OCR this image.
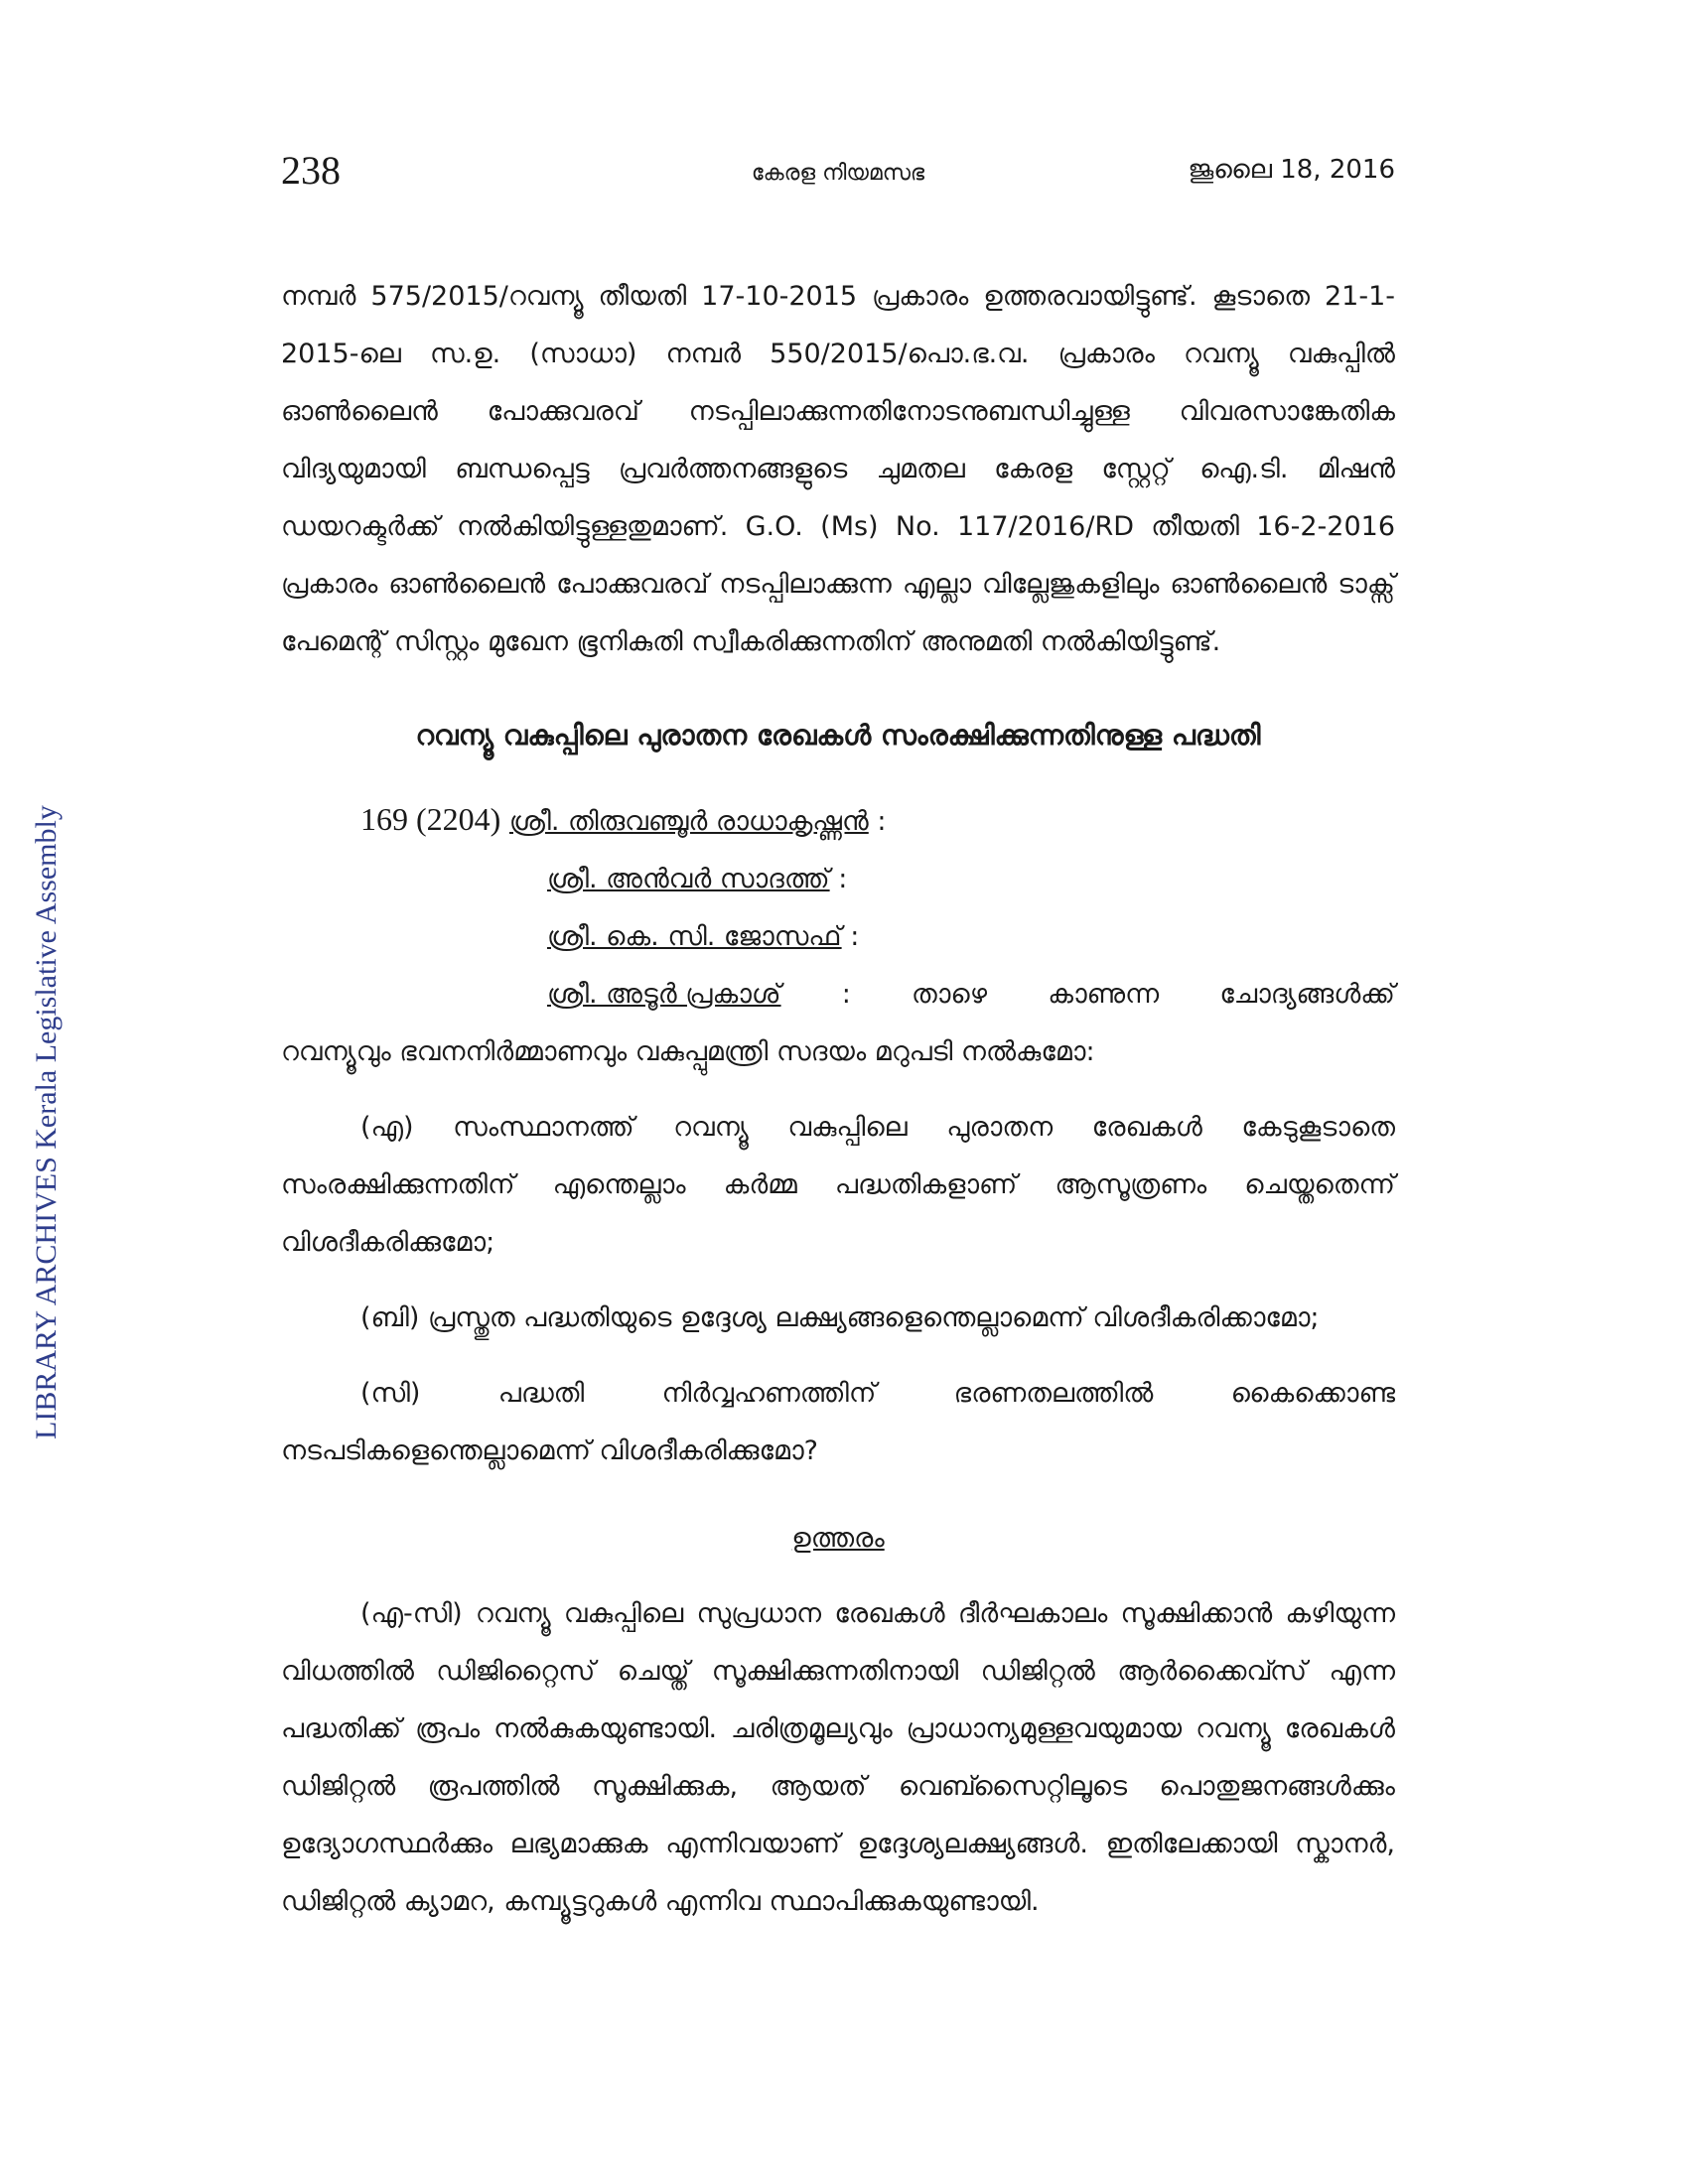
LIBRARY ARCHIVES Kerala Legislative Assembly
238	കേരള നിയമസഭ	ജൂലൈ 18, 2016

നമ്പർ 575/2015/റവന്യൂ തീയതി 17-10-2015 പ്രകാരം ഉത്തരവായിട്ടുണ്ട്. കൂടാതെ 21-1-2015-ലെ സ.ഉ. (സാധാ) നമ്പർ 550/2015/പൊ.ഭ.വ. പ്രകാരം റവന്യൂ വകുപ്പിൽ ഓൺലൈൻ പോക്കുവരവ് നടപ്പിലാക്കുന്നതിനോടനുബന്ധിച്ചുള്ള വിവരസാങ്കേതിക വിദ്യയുമായി ബന്ധപ്പെട്ട പ്രവർത്തനങ്ങളുടെ ചുമതല കേരള സ്റ്റേറ്റ് ഐ.ടി. മിഷൻ ഡയറക്ടർക്ക് നൽകിയിട്ടുള്ളതുമാണ്. G.O. (Ms) No. 117/2016/RD തീയതി 16-2-2016 പ്രകാരം ഓൺലൈൻ പോക്കുവരവ് നടപ്പിലാക്കുന്ന എല്ലാ വില്ലേജുകളിലും ഓൺലൈൻ ടാക്സ് പേമെന്റ് സിസ്റ്റം മുഖേന ഭൂനികുതി സ്വീകരിക്കുന്നതിന് അനുമതി നൽകിയിട്ടുണ്ട്.

റവന്യൂ വകുപ്പിലെ പുരാതന രേഖകൾ സംരക്ഷിക്കുന്നതിനുള്ള പദ്ധതി
169 (2204) ശ്രീ. തിരുവഞ്ചൂർ രാധാകൃഷ്ണൻ :
ശ്രീ. അൻവർ സാദത്ത് :
ശ്രീ. കെ. സി. ജോസഫ് :
ശ്രീ. അടൂർ പ്രകാശ് : താഴെ കാണുന്ന ചോദ്യങ്ങൾക്ക്

റവന്യൂവും ഭവനനിർമ്മാണവും വകുപ്പുമന്ത്രി സദയം മറുപടി നൽകുമോ:

(എ) സംസ്ഥാനത്ത് റവന്യൂ വകുപ്പിലെ പുരാതന രേഖകൾ കേടുകൂടാതെ സംരക്ഷിക്കുന്നതിന് എന്തെല്ലാം കർമ്മ പദ്ധതികളാണ് ആസൂത്രണം ചെയ്തതെന്ന് വിശദീകരിക്കുമോ;

(ബി) പ്രസ്തുത പദ്ധതിയുടെ ഉദ്ദേശ്യ ലക്ഷ്യങ്ങളെന്തെല്ലാമെന്ന് വിശദീകരിക്കാമോ;

(സി) പദ്ധതി നിർവ്വഹണത്തിന് ഭരണതലത്തിൽ കൈക്കൊണ്ട നടപടികളെന്തെല്ലാമെന്ന് വിശദീകരിക്കുമോ?

ഉത്തരം

(എ-സി) റവന്യൂ വകുപ്പിലെ സുപ്രധാന രേഖകൾ ദീർഘകാലം സൂക്ഷിക്കാൻ കഴിയുന്ന വിധത്തിൽ ഡിജിറ്റൈസ് ചെയ്ത് സൂക്ഷിക്കുന്നതിനായി ഡിജിറ്റൽ ആർക്കൈവ്സ് എന്ന പദ്ധതിക്ക് രൂപം നൽകുകയുണ്ടായി. ചരിത്രമൂല്യവും പ്രാധാന്യമുള്ളവയുമായ റവന്യൂ രേഖകൾ ഡിജിറ്റൽ രൂപത്തിൽ സൂക്ഷിക്കുക, ആയത് വെബ്സൈറ്റിലൂടെ പൊതുജനങ്ങൾക്കും ഉദ്യോഗസ്ഥർക്കും ലഭ്യമാക്കുക എന്നിവയാണ് ഉദ്ദേശ്യലക്ഷ്യങ്ങൾ. ഇതിലേക്കായി സ്കാനർ, ഡിജിറ്റൽ ക്യാമറ, കമ്പ്യൂട്ടറുകൾ എന്നിവ സ്ഥാപിക്കുകയുണ്ടായി.
